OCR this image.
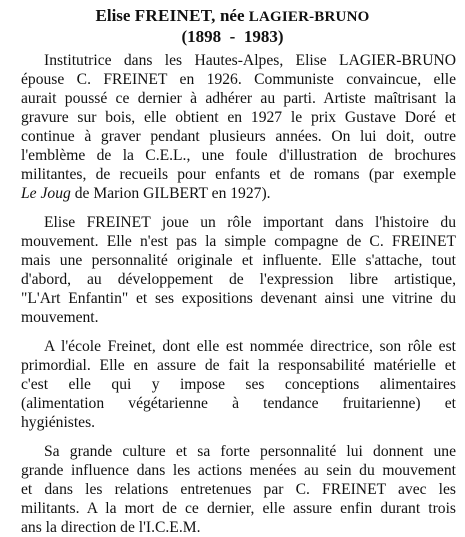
Elise FREINET, née LAGIER-BRUNO
(1898  -  1983)
Institutrice dans les Hautes-Alpes, Elise LAGIER-BRUNO
épouse C. FREINET en 1926. Communiste convaincue, elle
aurait poussé ce dernier à adhérer au parti. Artiste maîtrisant la
gravure sur bois, elle obtient en 1927 le prix Gustave Doré et
continue à graver pendant plusieurs années. On lui doit, outre
l'emblème de la C.E.L., une foule d'illustration de brochures
militantes, de recueils pour enfants et de romans (par exemple
Le Joug de Marion GILBERT en 1927).
Elise FREINET joue un rôle important dans l'histoire du
mouvement. Elle n'est pas la simple compagne de C. FREINET
mais une personnalité originale et influente. Elle s'attache, tout
d'abord, au développement de l'expression libre artistique,
"L'Art Enfantin" et ses expositions devenant ainsi une vitrine du
mouvement.
A l'école Freinet, dont elle est nommée directrice, son rôle est
primordial. Elle en assure de fait la responsabilité matérielle et
c'est elle qui y impose ses conceptions alimentaires
(alimentation végétarienne à tendance fruitarienne) et
hygiénistes.
Sa grande culture et sa forte personnalité lui donnent une
grande influence dans les actions menées au sein du mouvement
et dans les relations entretenues par C. FREINET avec les
militants. A la mort de ce dernier, elle assure enfin durant trois
ans la direction de l'I.C.E.M.
